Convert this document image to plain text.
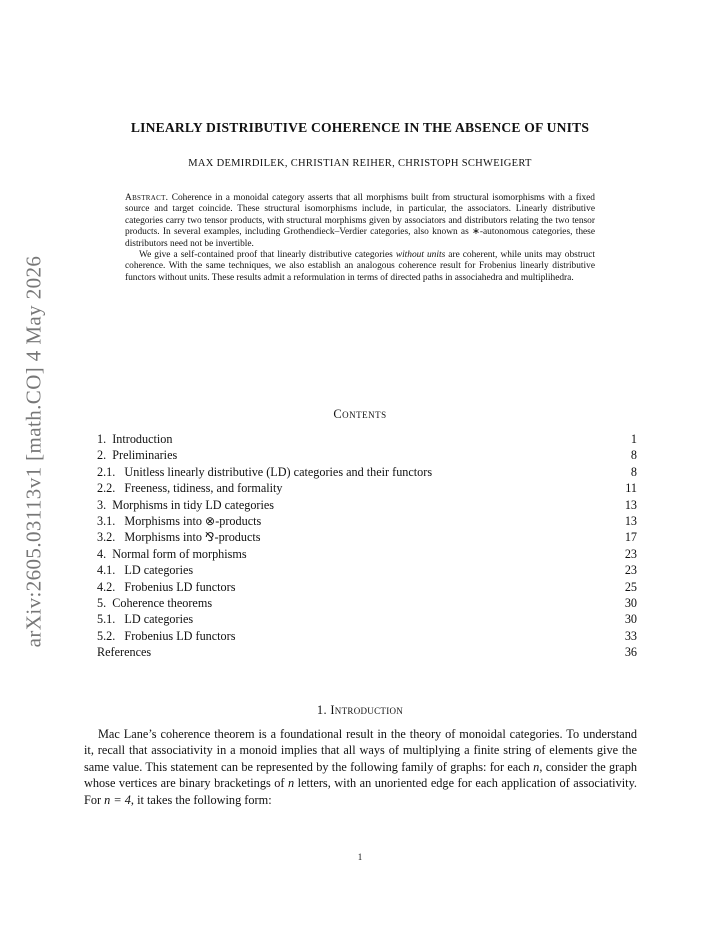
arXiv:2605.03113v1 [math.CO] 4 May 2026
LINEARLY DISTRIBUTIVE COHERENCE IN THE ABSENCE OF UNITS
MAX DEMIRDILEK, CHRISTIAN REIHER, CHRISTOPH SCHWEIGERT

Abstract. Coherence in a monoidal category asserts that all morphisms built from structural isomorphisms with a fixed source and target coincide. These structural isomorphisms include, in particular, the associators. Linearly distributive categories carry two tensor products, with structural morphisms given by associators and distributors relating the two tensor products. In several examples, including Grothendieck–Verdier categories, also known as ∗-autonomous categories, these distributors need not be invertible.

We give a self-contained proof that linearly distributive categories without units are coherent, while units may obstruct coherence. With the same techniques, we also establish an analogous coherence result for Frobenius linearly distributive functors without units. These results admit a reformulation in terms of directed paths in associahedra and multiplihedra.

Contents
1. Introduction	1
2. Preliminaries	8
2.1. Unitless linearly distributive (LD) categories and their functors	8
2.2. Freeness, tidiness, and formality	11
3. Morphisms in tidy LD categories	13
3.1. Morphisms into ⊗-products	13
3.2. Morphisms into ⅋-products	17
4. Normal form of morphisms	23
4.1. LD categories	23
4.2. Frobenius LD functors	25
5. Coherence theorems	30
5.1. LD categories	30
5.2. Frobenius LD functors	33
References	36
1. Introduction

Mac Lane’s coherence theorem is a foundational result in the theory of monoidal categories. To understand it, recall that associativity in a monoid implies that all ways of multiplying a finite string of elements give the same value. This statement can be represented by the following family of graphs: for each n, consider the graph whose vertices are binary bracketings of n letters, with an unoriented edge for each application of associativity. For n = 4, it takes the following form:

1
